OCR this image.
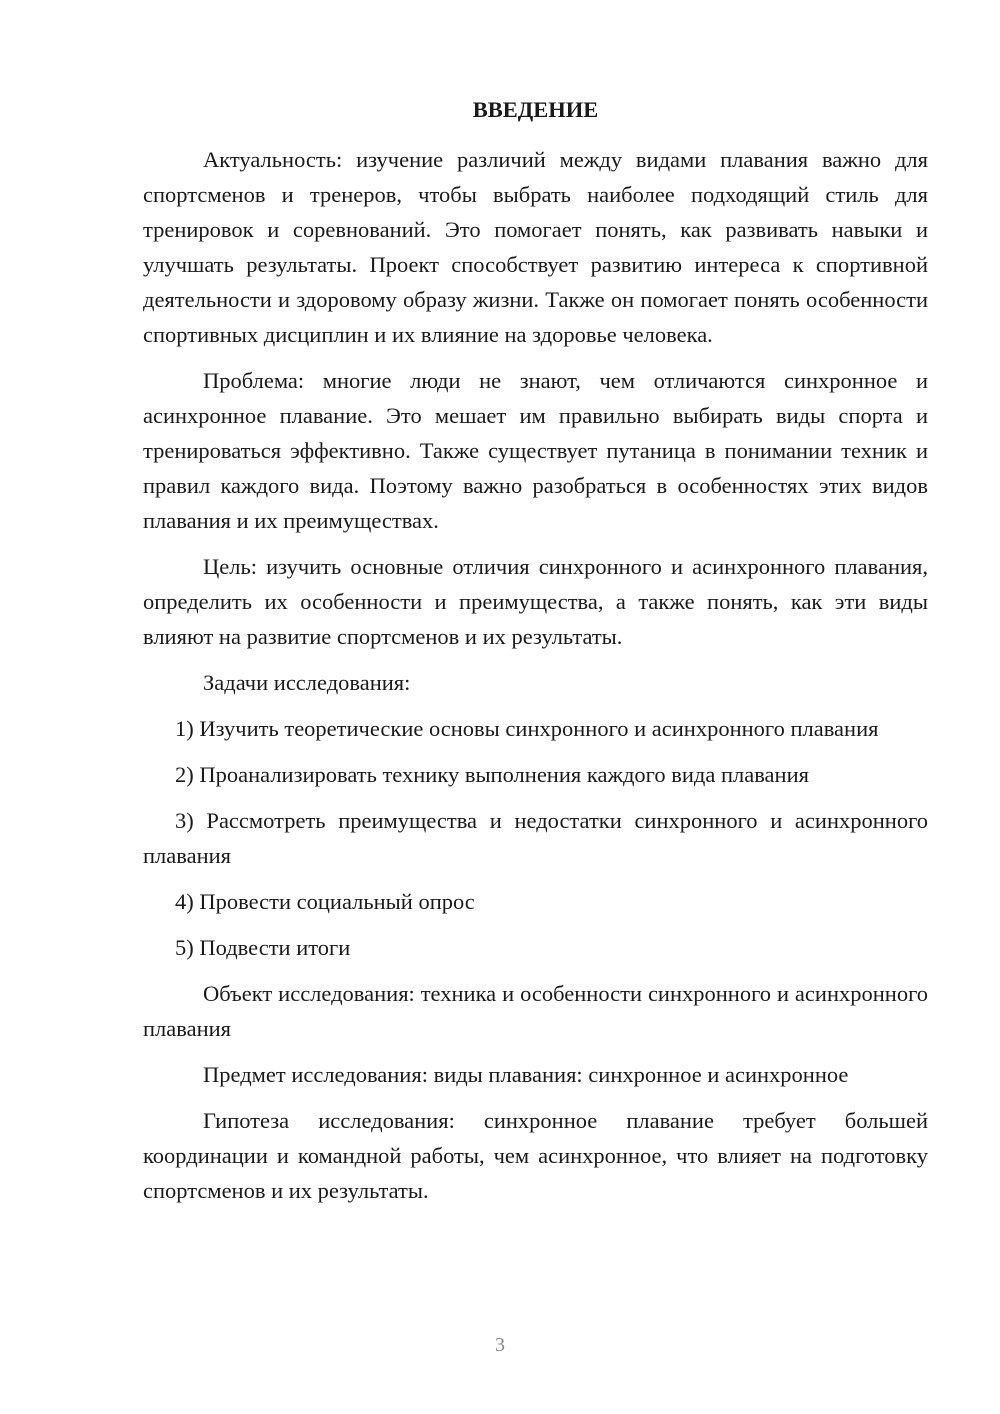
ВВЕДЕНИЕ

Актуальность: изучение различий между видами плавания важно для спортсменов и тренеров, чтобы выбрать наиболее подходящий стиль для тренировок и соревнований. Это помогает понять, как развивать навыки и улучшать результаты. Проект способствует развитию интереса к спортивной деятельности и здоровому образу жизни. Также он помогает понять особенности спортивных дисциплин и их влияние на здоровье человека.

Проблема: многие люди не знают, чем отличаются синхронное и асинхронное плавание. Это мешает им правильно выбирать виды спорта и тренироваться эффективно. Также существует путаница в понимании техник и правил каждого вида. Поэтому важно разобраться в особенностях этих видов плавания и их преимуществах.

Цель: изучить основные отличия синхронного и асинхронного плавания, определить их особенности и преимущества, а также понять, как эти виды влияют на развитие спортсменов и их результаты.

Задачи исследования:

1) Изучить теоретические основы синхронного и асинхронного плавания

2) Проанализировать технику выполнения каждого вида плавания

3) Рассмотреть преимущества и недостатки синхронного и асинхронного плавания

4) Провести социальный опрос

5) Подвести итоги

Объект исследования: техника и особенности синхронного и асинхронного плавания

Предмет исследования: виды плавания: синхронное и асинхронное

Гипотеза исследования: синхронное плавание требует большей координации и командной работы, чем асинхронное, что влияет на подготовку спортсменов и их результаты.

3
